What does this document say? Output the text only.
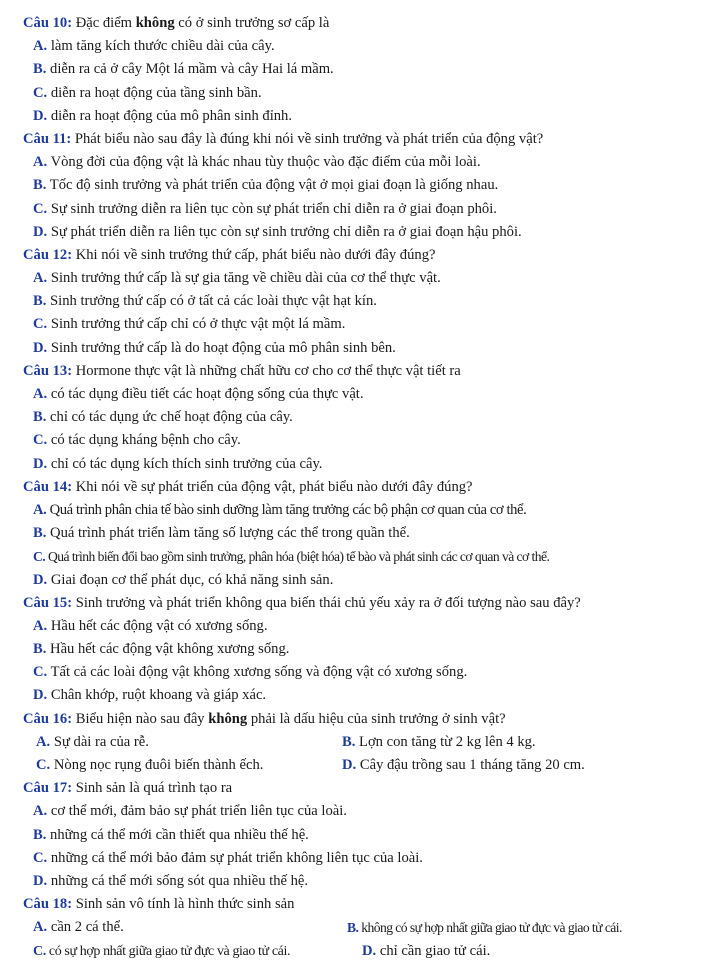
Câu 10: Đặc điểm không có ở sinh trưởng sơ cấp là
A. làm tăng kích thước chiều dài của cây.
B. diễn ra cả ở cây Một lá mầm và cây Hai lá mầm.
C. diễn ra hoạt động của tầng sinh bần.
D. diễn ra hoạt động của mô phân sinh đỉnh.
Câu 11: Phát biểu nào sau đây là đúng khi nói về sinh trưởng và phát triển của động vật?
A. Vòng đời của động vật là khác nhau tùy thuộc vào đặc điểm của mỗi loài.
B. Tốc độ sinh trưởng và phát triển của động vật ở mọi giai đoạn là giống nhau.
C. Sự sinh trưởng diễn ra liên tục còn sự phát triển chỉ diễn ra ở giai đoạn phôi.
D. Sự phát triển diễn ra liên tục còn sự sinh trưởng chỉ diễn ra ở giai đoạn hậu phôi.
Câu 12: Khi nói về sinh trưởng thứ cấp, phát biểu nào dưới đây đúng?
A. Sinh trưởng thứ cấp là sự gia tăng về chiều dài của cơ thể thực vật.
B. Sinh trưởng thứ cấp có ở tất cả các loài thực vật hạt kín.
C. Sinh trưởng thứ cấp chỉ có ở thực vật một lá mầm.
D. Sinh trưởng thứ cấp là do hoạt động của mô phân sinh bên.
Câu 13: Hormone thực vật là những chất hữu cơ cho cơ thể thực vật tiết ra
A. có tác dụng điều tiết các hoạt động sống của thực vật.
B. chỉ có tác dụng ức chế hoạt động của cây.
C. có tác dụng kháng bệnh cho cây.
D. chỉ có tác dụng kích thích sinh trưởng của cây.
Câu 14: Khi nói về sự phát triển của động vật, phát biểu nào dưới đây đúng?
A. Quá trình phân chia tế bào sinh dưỡng làm tăng trưởng các bộ phận cơ quan của cơ thể.
B. Quá trình phát triển làm tăng số lượng các thể trong quần thể.
C. Quá trình biến đổi bao gồm sinh trưởng, phân hóa (biệt hóa) tế bào và phát sinh các cơ quan và cơ thể.
D. Giai đoạn cơ thể phát dục, có khả năng sinh sản.
Câu 15: Sinh trưởng và phát triển không qua biến thái chủ yếu xảy ra ở đối tượng nào sau đây?
A. Hầu hết các động vật có xương sống.
B. Hầu hết các động vật không xương sống.
C. Tất cả các loài động vật không xương sống và động vật có xương sống.
D. Chân khớp, ruột khoang và giáp xác.
Câu 16: Biểu hiện nào sau đây không phải là dấu hiệu của sinh trưởng ở sinh vật?
A. Sự dài ra của rễ.	B. Lợn con tăng từ 2 kg lên 4 kg.
C. Nòng nọc rụng đuôi biến thành ếch.	D. Cây đậu trồng sau 1 tháng tăng 20 cm.
Câu 17: Sinh sản là quá trình tạo ra
A. cơ thể mới, đảm bảo sự phát triển liên tục của loài.
B. những cá thể mới cần thiết qua nhiều thế hệ.
C. những cá thể mới bảo đảm sự phát triển không liên tục của loài.
D. những cá thể mới sống sót qua nhiều thế hệ.
Câu 18: Sinh sản vô tính là hình thức sinh sản
A. cần 2 cá thể.	B. không có sự hợp nhất giữa giao tử đực và giao tử cái.
C. có sự hợp nhất giữa giao tử đực và giao tử cái.	D. chỉ cần giao tử cái.
